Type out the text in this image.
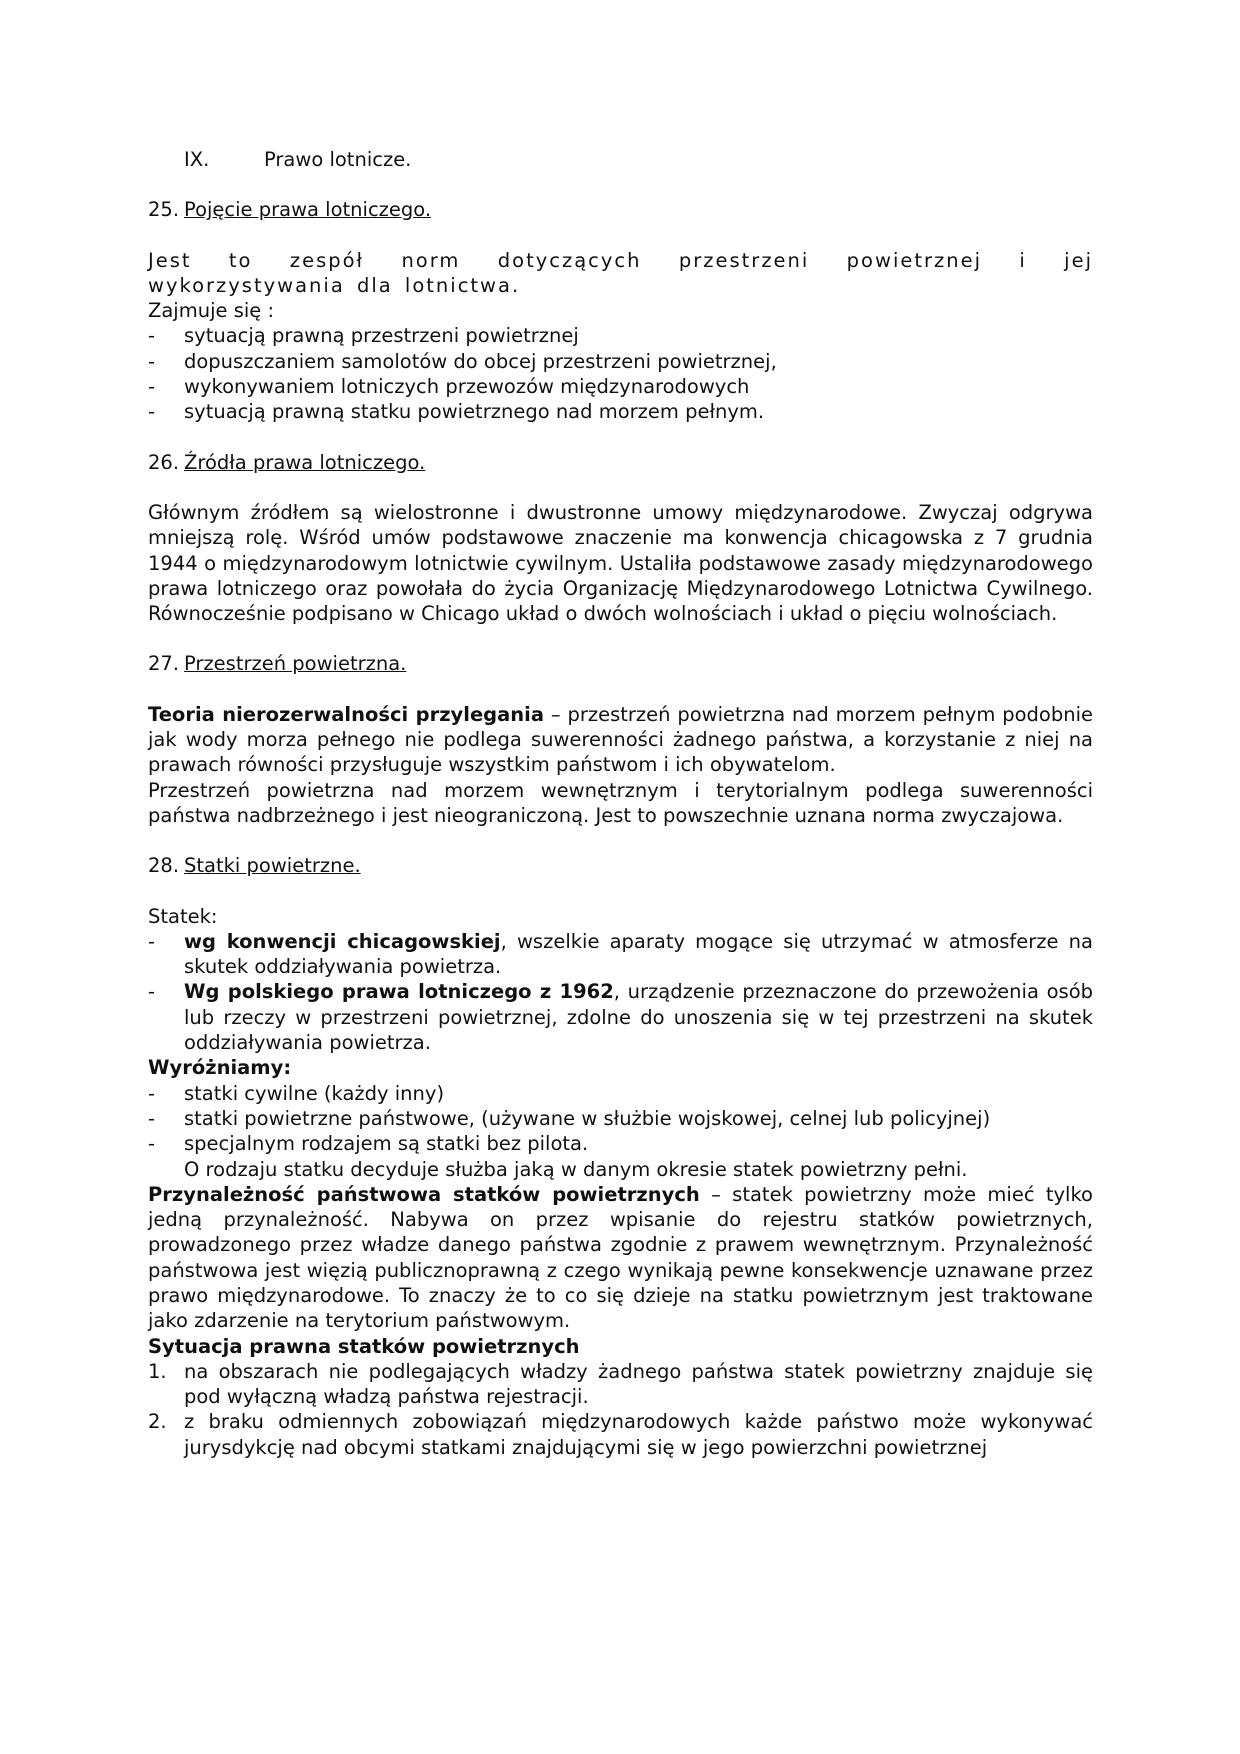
IX.	Prawo lotnicze.

25. Pojęcie prawa lotniczego.

Jest to zespół norm dotyczących przestrzeni powietrznej i jej

wykorzystywania dla lotnictwa.

Zajmuje się :

-	sytuacją prawną przestrzeni powietrznej
-	dopuszczaniem samolotów do obcej przestrzeni powietrznej,
-	wykonywaniem lotniczych przewozów międzynarodowych
-	sytuacją prawną statku powietrznego nad morzem pełnym.

26. Źródła prawa lotniczego.

Głównym źródłem są wielostronne i dwustronne umowy międzynarodowe. Zwyczaj odgrywa mniejszą rolę. Wśród umów podstawowe znaczenie ma konwencja chicagowska z 7 grudnia 1944 o międzynarodowym lotnictwie cywilnym. Ustaliła podstawowe zasady międzynarodowego prawa lotniczego oraz powołała do życia Organizację Międzynarodowego Lotnictwa Cywilnego. Równocześnie podpisano w Chicago układ o dwóch wolnościach i układ o pięciu wolnościach.

27. Przestrzeń powietrzna.

Teoria nierozerwalności przylegania – przestrzeń powietrzna nad morzem pełnym podobnie jak wody morza pełnego nie podlega suwerenności żadnego państwa, a korzystanie z niej na prawach równości przysługuje wszystkim państwom i ich obywatelom.

Przestrzeń powietrzna nad morzem wewnętrznym i terytorialnym podlega suwerenności państwa nadbrzeżnego i jest nieograniczoną. Jest to powszechnie uznana norma zwyczajowa.

28. Statki powietrzne.

Statek:

-	wg konwencji chicagowskiej, wszelkie aparaty mogące się utrzymać w atmosferze na skutek oddziaływania powietrza.
-	Wg polskiego prawa lotniczego z 1962, urządzenie przeznaczone do przewożenia osób lub rzeczy w przestrzeni powietrznej, zdolne do unoszenia się w tej przestrzeni na skutek oddziaływania powietrza.

Wyróżniamy:

-	statki cywilne (każdy inny)
-	statki powietrzne państwowe, (używane w służbie wojskowej, celnej lub policyjnej)
-	specjalnym rodzajem są statki bez pilota.

O rodzaju statku decyduje służba jaką w danym okresie statek powietrzny pełni.

Przynależność państwowa statków powietrznych – statek powietrzny może mieć tylko jedną przynależność. Nabywa on przez wpisanie do rejestru statków powietrznych, prowadzonego przez władze danego państwa zgodnie z prawem wewnętrznym. Przynależność państwowa jest więzią publicznoprawną z czego wynikają pewne konsekwencje uznawane przez prawo międzynarodowe. To znaczy że to co się dzieje na statku powietrznym jest traktowane jako zdarzenie na terytorium państwowym.

Sytuacja prawna statków powietrznych

1. na obszarach nie podlegających władzy żadnego państwa statek powietrzny znajduje się pod wyłączną władzą państwa rejestracji.
2. z braku odmiennych zobowiązań międzynarodowych każde państwo może wykonywać jurysdykcję nad obcymi statkami znajdującymi się w jego powierzchni powietrznej
